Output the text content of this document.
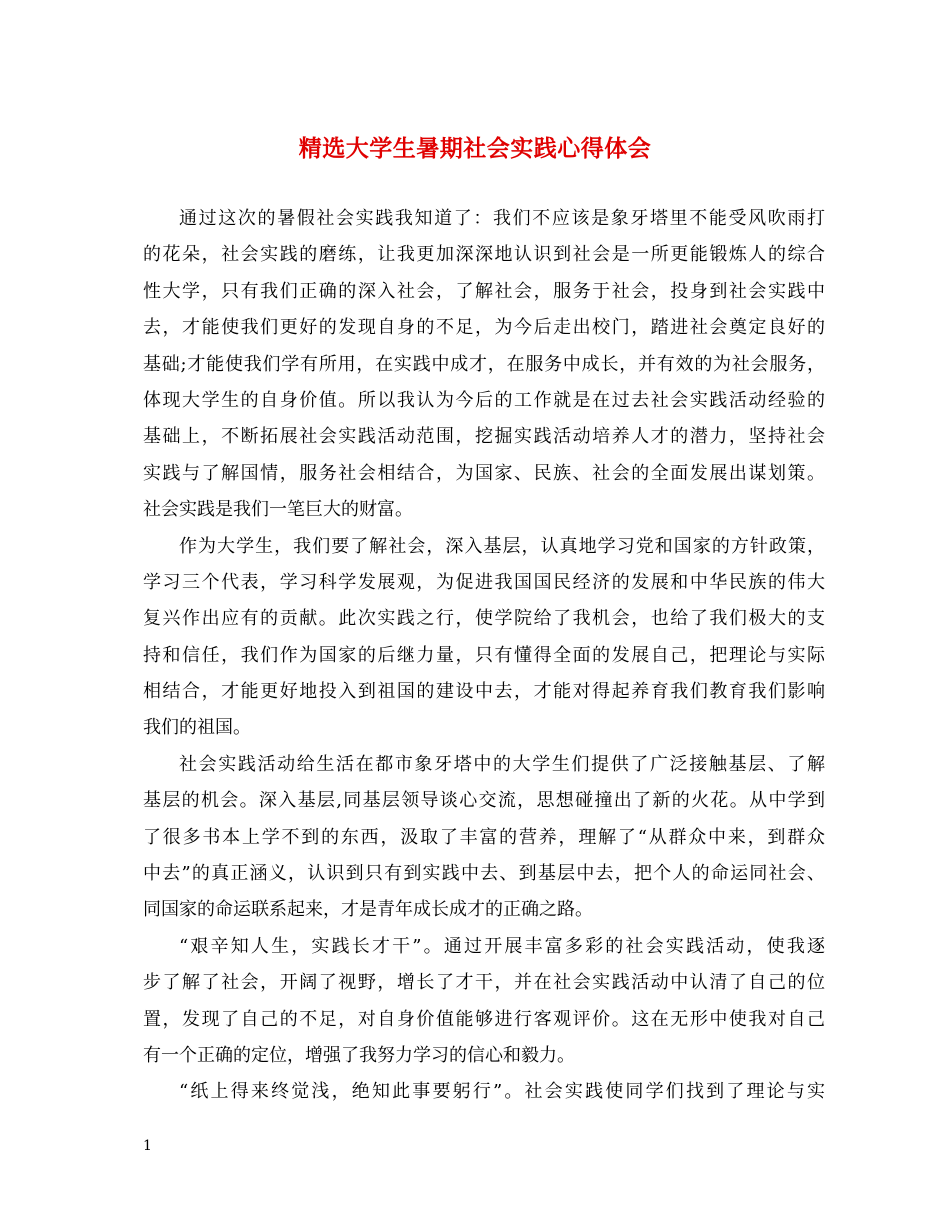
精选大学生暑期社会实践心得体会
通过这次的暑假社会实践我知道了：我们不应该是象牙塔里不能受风吹雨打
的花朵，社会实践的磨练，让我更加深深地认识到社会是一所更能锻炼人的综合
性大学，只有我们正确的深入社会，了解社会，服务于社会，投身到社会实践中
去，才能使我们更好的发现自身的不足，为今后走出校门，踏进社会奠定良好的
基础;才能使我们学有所用，在实践中成才，在服务中成长，并有效的为社会服务，
体现大学生的自身价值。所以我认为今后的工作就是在过去社会实践活动经验的
基础上，不断拓展社会实践活动范围，挖掘实践活动培养人才的潜力，坚持社会
实践与了解国情，服务社会相结合，为国家、民族、社会的全面发展出谋划策。
社会实践是我们一笔巨大的财富。
作为大学生，我们要了解社会，深入基层，认真地学习党和国家的方针政策，
学习三个代表，学习科学发展观，为促进我国国民经济的发展和中华民族的伟大
复兴作出应有的贡献。此次实践之行，使学院给了我机会，也给了我们极大的支
持和信任，我们作为国家的后继力量，只有懂得全面的发展自己，把理论与实际
相结合，才能更好地投入到祖国的建设中去，才能对得起养育我们教育我们影响
我们的祖国。
社会实践活动给生活在都市象牙塔中的大学生们提供了广泛接触基层、了解
基层的机会。深入基层,同基层领导谈心交流，思想碰撞出了新的火花。从中学到
了很多书本上学不到的东西，汲取了丰富的营养，理解了“从群众中来，到群众
中去”的真正涵义，认识到只有到实践中去、到基层中去，把个人的命运同社会、
同国家的命运联系起来，才是青年成长成才的正确之路。
“艰辛知人生，实践长才干”。通过开展丰富多彩的社会实践活动，使我逐
步了解了社会，开阔了视野，增长了才干，并在社会实践活动中认清了自己的位
置，发现了自己的不足，对自身价值能够进行客观评价。这在无形中使我对自己
有一个正确的定位，增强了我努力学习的信心和毅力。
“纸上得来终觉浅，绝知此事要躬行”。社会实践使同学们找到了理论与实
1
